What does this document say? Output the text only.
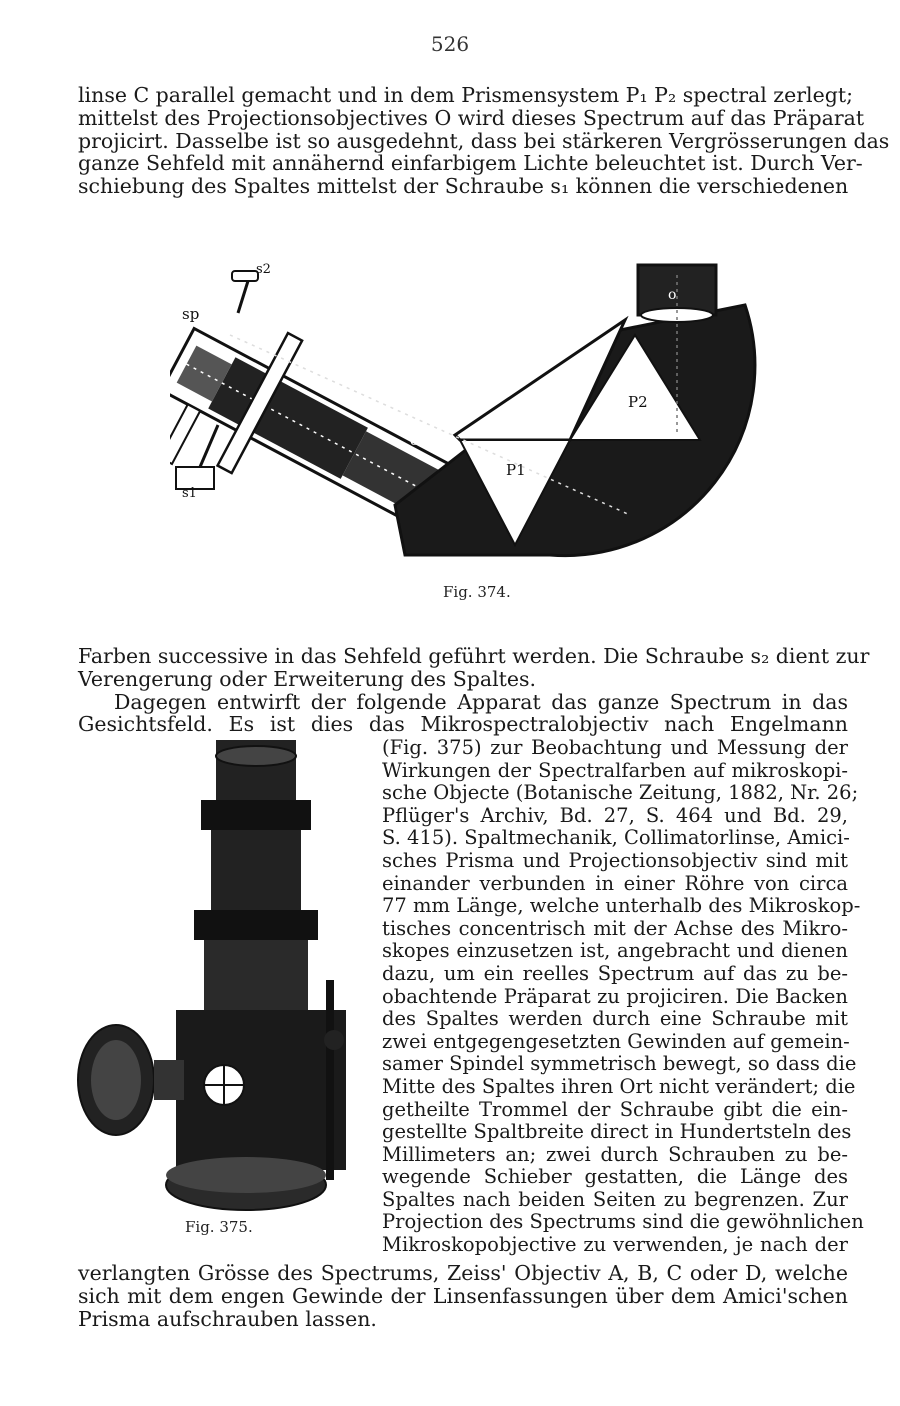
526
linse C parallel gemacht und in dem Prismensystem P₁ P₂ spectral zerlegt;
mittelst des Projectionsobjectives O wird dieses Spectrum auf das Präparat
projicirt. Dasselbe ist so ausgedehnt, dass bei stärkeren Vergrösserungen das
ganze Sehfeld mit annähernd einfarbigem Lichte beleuchtet ist. Durch Ver-
schiebung des Spaltes mittelst der Schraube s₁ können die verschiedenen
s2
sp
s1
c
o
P1
P2
Fig. 374.
Farben successive in das Sehfeld geführt werden. Die Schraube s₂ dient zur
Verengerung oder Erweiterung des Spaltes.
Dagegen entwirft der folgende Apparat das ganze Spectrum in das
Gesichtsfeld. Es ist dies das Mikrospectralobjectiv nach Engelmann
Fig. 375.
(Fig. 375) zur Beobachtung und Messung der
Wirkungen der Spectralfarben auf mikroskopi-
sche Objecte (Botanische Zeitung, 1882, Nr. 26;
Pflüger's Archiv, Bd. 27, S. 464 und Bd. 29,
S. 415). Spaltmechanik, Collimatorlinse, Amici-
sches Prisma und Projectionsobjectiv sind mit
einander verbunden in einer Röhre von circa
77 mm Länge, welche unterhalb des Mikroskop-
tisches concentrisch mit der Achse des Mikro-
skopes einzusetzen ist, angebracht und dienen
dazu, um ein reelles Spectrum auf das zu be-
obachtende Präparat zu projiciren. Die Backen
des Spaltes werden durch eine Schraube mit
zwei entgegengesetzten Gewinden auf gemein-
samer Spindel symmetrisch bewegt, so dass die
Mitte des Spaltes ihren Ort nicht verändert; die
getheilte Trommel der Schraube gibt die ein-
gestellte Spaltbreite direct in Hundertsteln des
Millimeters an; zwei durch Schrauben zu be-
wegende Schieber gestatten, die Länge des
Spaltes nach beiden Seiten zu begrenzen. Zur
Projection des Spectrums sind die gewöhnlichen
Mikroskopobjective zu verwenden, je nach der
verlangten Grösse des Spectrums, Zeiss' Objectiv A, B, C oder D, welche
sich mit dem engen Gewinde der Linsenfassungen über dem Amici'schen
Prisma aufschrauben lassen.
